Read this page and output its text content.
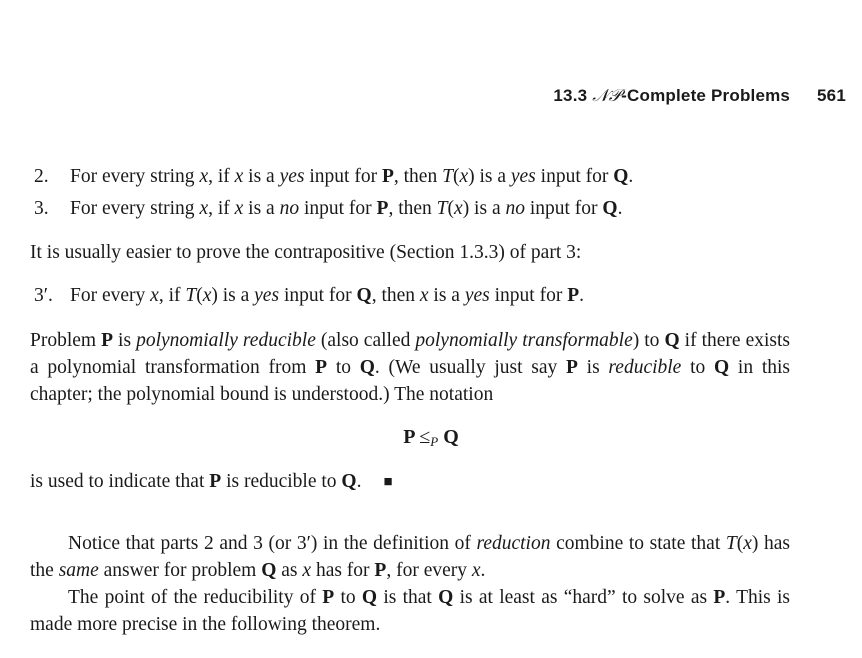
13.3 𝒩𝒫-Complete Problems 561
2. For every string x, if x is a yes input for P, then T(x) is a yes input for Q.
3. For every string x, if x is a no input for P, then T(x) is a no input for Q.
It is usually easier to prove the contrapositive (Section 1.3.3) of part 3:
3′. For every x, if T(x) is a yes input for Q, then x is a yes input for P.
Problem P is polynomially reducible (also called polynomially transformable) to Q if there exists a polynomial transformation from P to Q. (We usually just say P is reducible to Q in this chapter; the polynomial bound is understood.) The notation
$P \le_P$ Q
is used to indicate that P is reducible to Q. ■
Notice that parts 2 and 3 (or 3′) in the definition of reduction combine to state that T(x) has the same answer for problem Q as x has for P, for every x.
The point of the reducibility of P to Q is that Q is at least as “hard” to solve as P. This is made more precise in the following theorem.
